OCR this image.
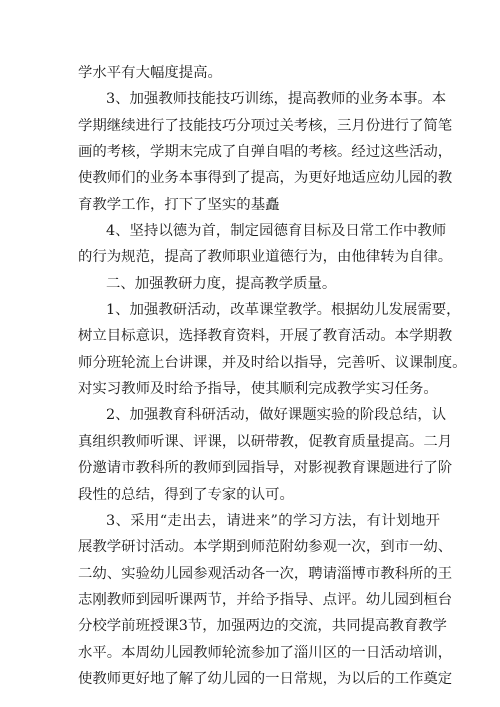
学水平有大幅度提高。
3、加强教师技能技巧训练，提高教师的业务本事。本
学期继续进行了技能技巧分项过关考核，三月份进行了简笔
画的考核，学期末完成了自弹自唱的考核。经过这些活动，
使教师们的业务本事得到了提高，为更好地适应幼儿园的教
育教学工作，打下了坚实的基矗
4、坚持以德为首，制定园德育目标及日常工作中教师
的行为规范，提高了教师职业道德行为，由他律转为自律。
二、加强教研力度，提高教学质量。
1、加强教研活动，改革课堂教学。根据幼儿发展需要，
树立目标意识，选择教育资料，开展了教育活动。本学期教
师分班轮流上台讲课，并及时给以指导，完善听、议课制度。
对实习教师及时给予指导，使其顺利完成教学实习任务。
2、加强教育科研活动，做好课题实验的阶段总结，认
真组织教师听课、评课，以研带教，促教育质量提高。二月
份邀请市教科所的教师到园指导，对影视教育课题进行了阶
段性的总结，得到了专家的认可。
3、采用“走出去，请进来”的学习方法，有计划地开
展教学研讨活动。本学期到师范附幼参观一次，到市一幼、
二幼、实验幼儿园参观活动各一次，聘请淄博市教科所的王
志刚教师到园听课两节，并给予指导、点评。幼儿园到桓台
分校学前班授课3节，加强两边的交流，共同提高教育教学
水平。本周幼儿园教师轮流参加了淄川区的一日活动培训，
使教师更好地了解了幼儿园的一日常规，为以后的工作奠定
